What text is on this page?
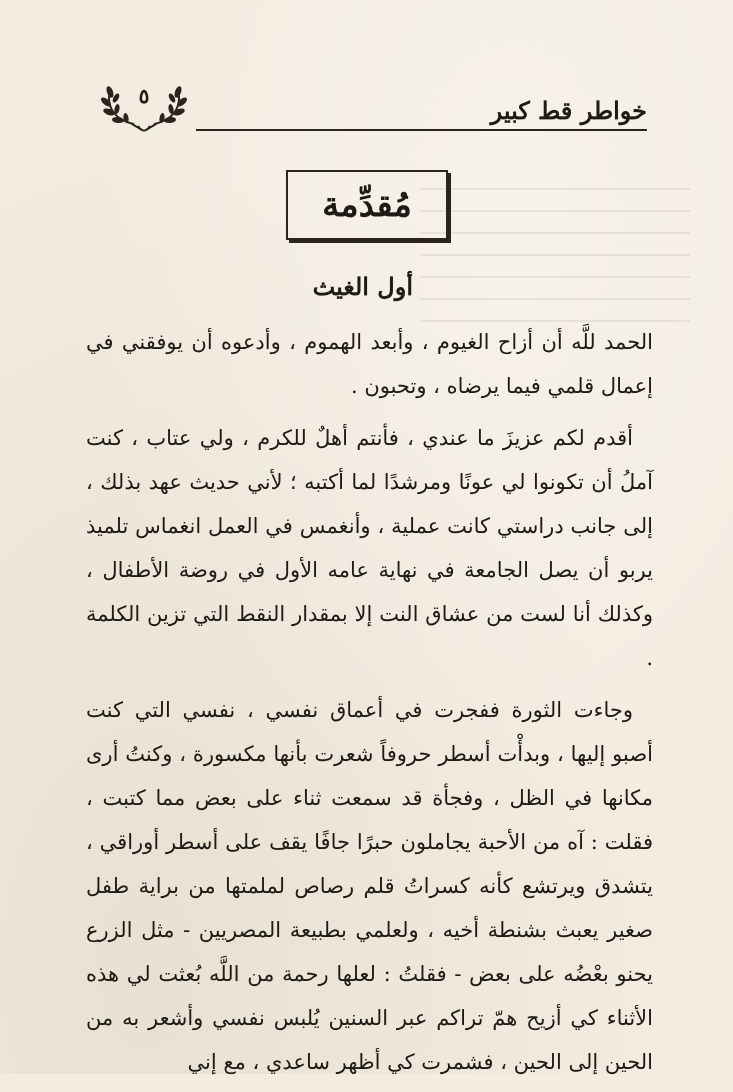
خواطر قط كبير
٥
مُقدِّمة
أول الغيث

الحمد للَّه أن أزاح الغيوم ، وأبعد الهموم ، وأدعوه أن يوفقني في إعمال قلمي فيما يرضاه ، وتحبون .

أقدم لكم عزيزَ ما عندي ، فأنتم أهلٌ للكرم ، ولي عتاب ، كنت آملُ أن تكونوا لي عونًا ومرشدًا لما أكتبه ؛ لأني حديث عهد بذلك ، إلى جانب دراستي كانت عملية ، وأنغمس في العمل انغماس تلميذ يربو أن يصل الجامعة في نهاية عامه الأول في روضة الأطفال ، وكذلك أنا لست من عشاق النت إلا بمقدار النقط التي تزين الكلمة .

وجاءت الثورة ففجرت في أعماق نفسي ، نفسي التي كنت أصبو إليها ، وبدأْت أسطر حروفاً شعرت بأنها مكسورة ، وكنتُ أرى مكانها في الظل ، وفجأة قد سمعت ثناء على بعض مما كتبت ، فقلت : آه من الأحبة يجاملون حبرًا جافًا يقف على أسطر أوراقي ، يتشدق ويرتشع كأنه كسراتُ قلم رصاص لملمتها من براية طفل صغير يعبث بشنطة أخيه ، ولعلمي بطبيعة المصريين - مثل الزرع يحنو بعْضُه على بعض - فقلتُ : لعلها رحمة من اللَّه بُعثت لي هذه الأثناء كي أزيح همّ تراكم عبر السنين يُلبس نفسي وأشعر به من الحين إلى الحين ، فشمرت كي أظهر ساعدي ، مع إني
